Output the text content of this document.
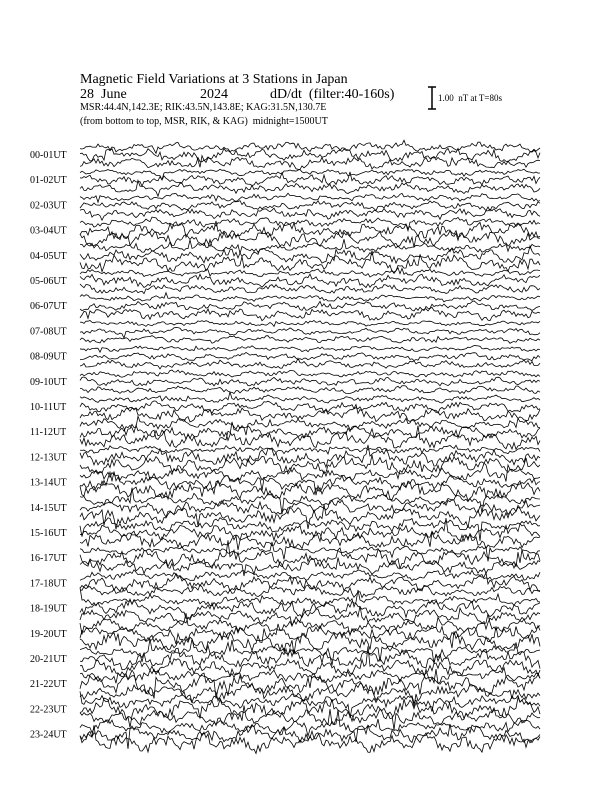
Magnetic Field Variations at 3 Stations in Japan
28  June	2024	dD/dt  (filter:40-160s)
MSR:44.4N,142.3E; RIK:43.5N,143.8E; KAG:31.5N,130.7E
(from bottom to top, MSR, RIK, & KAG)  midnight=1500UT
1.00  nT at T=80s
00-01UT
01-02UT
02-03UT
03-04UT
04-05UT
05-06UT
06-07UT
07-08UT
08-09UT
09-10UT
10-11UT
11-12UT
12-13UT
13-14UT
14-15UT
15-16UT
16-17UT
17-18UT
18-19UT
19-20UT
20-21UT
21-22UT
22-23UT
23-24UT
